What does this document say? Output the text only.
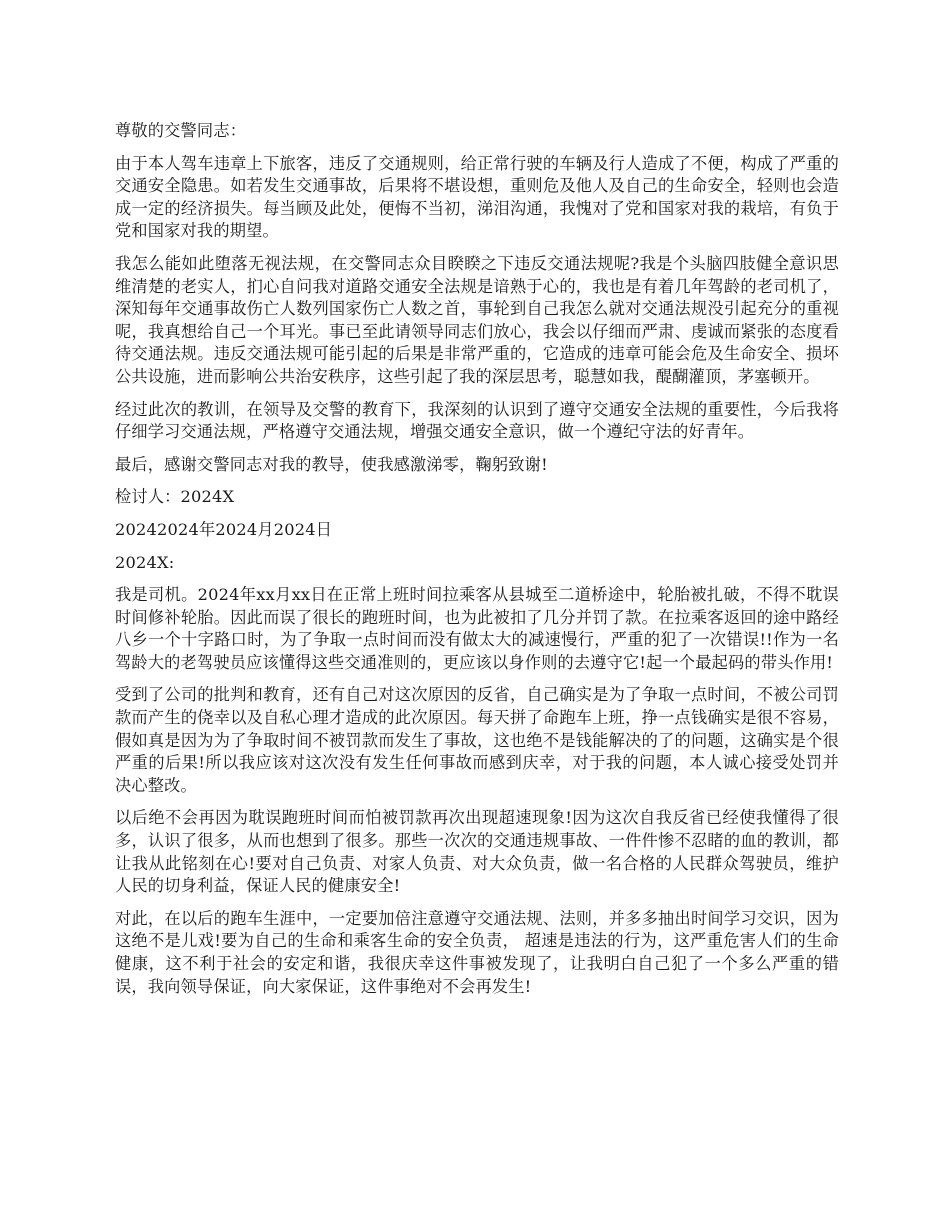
尊敬的交警同志：

由于本人驾车违章上下旅客，违反了交通规则，给正常行驶的车辆及行人造成了不便，构成了严重的交通安全隐患。如若发生交通事故，后果将不堪设想，重则危及他人及自己的生命安全，轻则也会造成一定的经济损失。每当顾及此处，便悔不当初，涕泪沟通，我愧对了党和国家对我的栽培，有负于党和国家对我的期望。

我怎么能如此堕落无视法规，在交警同志众目睽睽之下违反交通法规呢?我是个头脑四肢健全意识思维清楚的老实人，扪心自问我对道路交通安全法规是谙熟于心的，我也是有着几年驾龄的老司机了，深知每年交通事故伤亡人数列国家伤亡人数之首，事轮到自己我怎么就对交通法规没引起充分的重视呢，我真想给自己一个耳光。事已至此请领导同志们放心，我会以仔细而严肃、虔诚而紧张的态度看待交通法规。违反交通法规可能引起的后果是非常严重的，它造成的违章可能会危及生命安全、损坏公共设施，进而影响公共治安秩序，这些引起了我的深层思考，聪慧如我，醍醐灌顶，茅塞顿开。

经过此次的教训，在领导及交警的教育下，我深刻的认识到了遵守交通安全法规的重要性，今后我将仔细学习交通法规，严格遵守交通法规，增强交通安全意识，做一个遵纪守法的好青年。

最后，感谢交警同志对我的教导，使我感激涕零，鞠躬致谢!

检讨人：2024X

20242024年2024月2024日

2024X:

我是司机。2024年xx月xx日在正常上班时间拉乘客从县城至二道桥途中，轮胎被扎破，不得不耽误时间修补轮胎。因此而误了很长的跑班时间，也为此被扣了几分并罚了款。在拉乘客返回的途中路经八乡一个十字路口时，为了争取一点时间而没有做太大的减速慢行，严重的犯了一次错误!!作为一名驾龄大的老驾驶员应该懂得这些交通准则的，更应该以身作则的去遵守它!起一个最起码的带头作用!

受到了公司的批判和教育，还有自己对这次原因的反省，自己确实是为了争取一点时间，不被公司罚款而产生的侥幸以及自私心理才造成的此次原因。每天拼了命跑车上班，挣一点钱确实是很不容易，假如真是因为为了争取时间不被罚款而发生了事故，这也绝不是钱能解决的了的问题，这确实是个很严重的后果!所以我应该对这次没有发生任何事故而感到庆幸，对于我的问题，本人诚心接受处罚并决心整改。

以后绝不会再因为耽误跑班时间而怕被罚款再次出现超速现象!因为这次自我反省已经使我懂得了很多，认识了很多，从而也想到了很多。那些一次次的交通违规事故、一件件惨不忍睹的血的教训，都让我从此铭刻在心!要对自己负责、对家人负责、对大众负责，做一名合格的人民群众驾驶员，维护人民的切身利益，保证人民的健康安全!

对此，在以后的跑车生涯中，一定要加倍注意遵守交通法规、法则，并多多抽出时间学习交识，因为这绝不是儿戏!要为自己的生命和乘客生命的安全负责， 超速是违法的行为，这严重危害人们的生命健康，这不利于社会的安定和谐，我很庆幸这件事被发现了，让我明白自己犯了一个多么严重的错误，我向领导保证，向大家保证，这件事绝对不会再发生!
